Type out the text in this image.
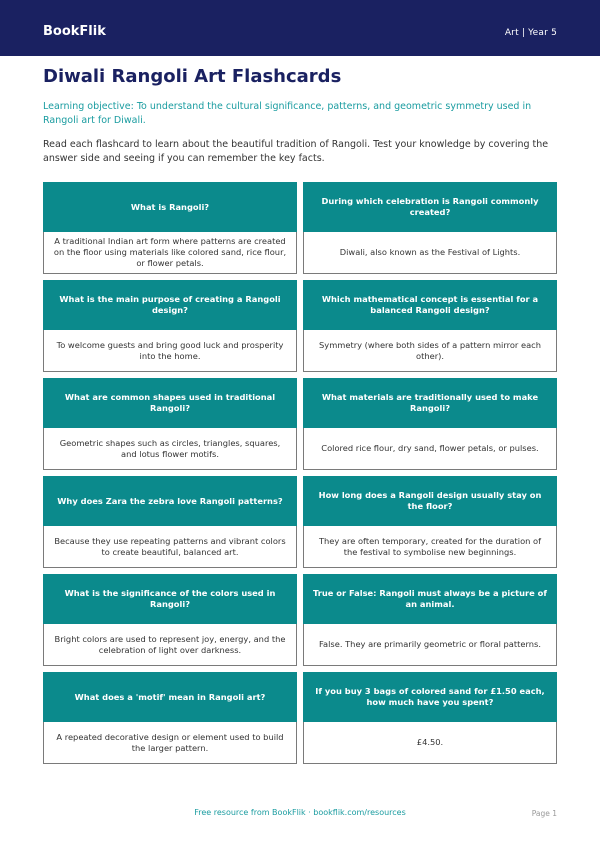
BookFlik	Art | Year 5
Diwali Rangoli Art Flashcards
Learning objective: To understand the cultural significance, patterns, and geometric symmetry used in Rangoli art for Diwali.
Read each flashcard to learn about the beautiful tradition of Rangoli. Test your knowledge by covering the answer side and seeing if you can remember the key facts.
What is Rangoli?
A traditional Indian art form where patterns are created on the floor using materials like colored sand, rice flour, or flower petals.
During which celebration is Rangoli commonly created?
Diwali, also known as the Festival of Lights.
What is the main purpose of creating a Rangoli design?
To welcome guests and bring good luck and prosperity into the home.
Which mathematical concept is essential for a balanced Rangoli design?
Symmetry (where both sides of a pattern mirror each other).
What are common shapes used in traditional Rangoli?
Geometric shapes such as circles, triangles, squares, and lotus flower motifs.
What materials are traditionally used to make Rangoli?
Colored rice flour, dry sand, flower petals, or pulses.
Why does Zara the zebra love Rangoli patterns?
Because they use repeating patterns and vibrant colors to create beautiful, balanced art.
How long does a Rangoli design usually stay on the floor?
They are often temporary, created for the duration of the festival to symbolise new beginnings.
What is the significance of the colors used in Rangoli?
Bright colors are used to represent joy, energy, and the celebration of light over darkness.
True or False: Rangoli must always be a picture of an animal.
False. They are primarily geometric or floral patterns.
What does a 'motif' mean in Rangoli art?
A repeated decorative design or element used to build the larger pattern.
If you buy 3 bags of colored sand for £1.50 each, how much have you spent?
£4.50.
Free resource from BookFlik · bookflik.com/resources	Page 1
